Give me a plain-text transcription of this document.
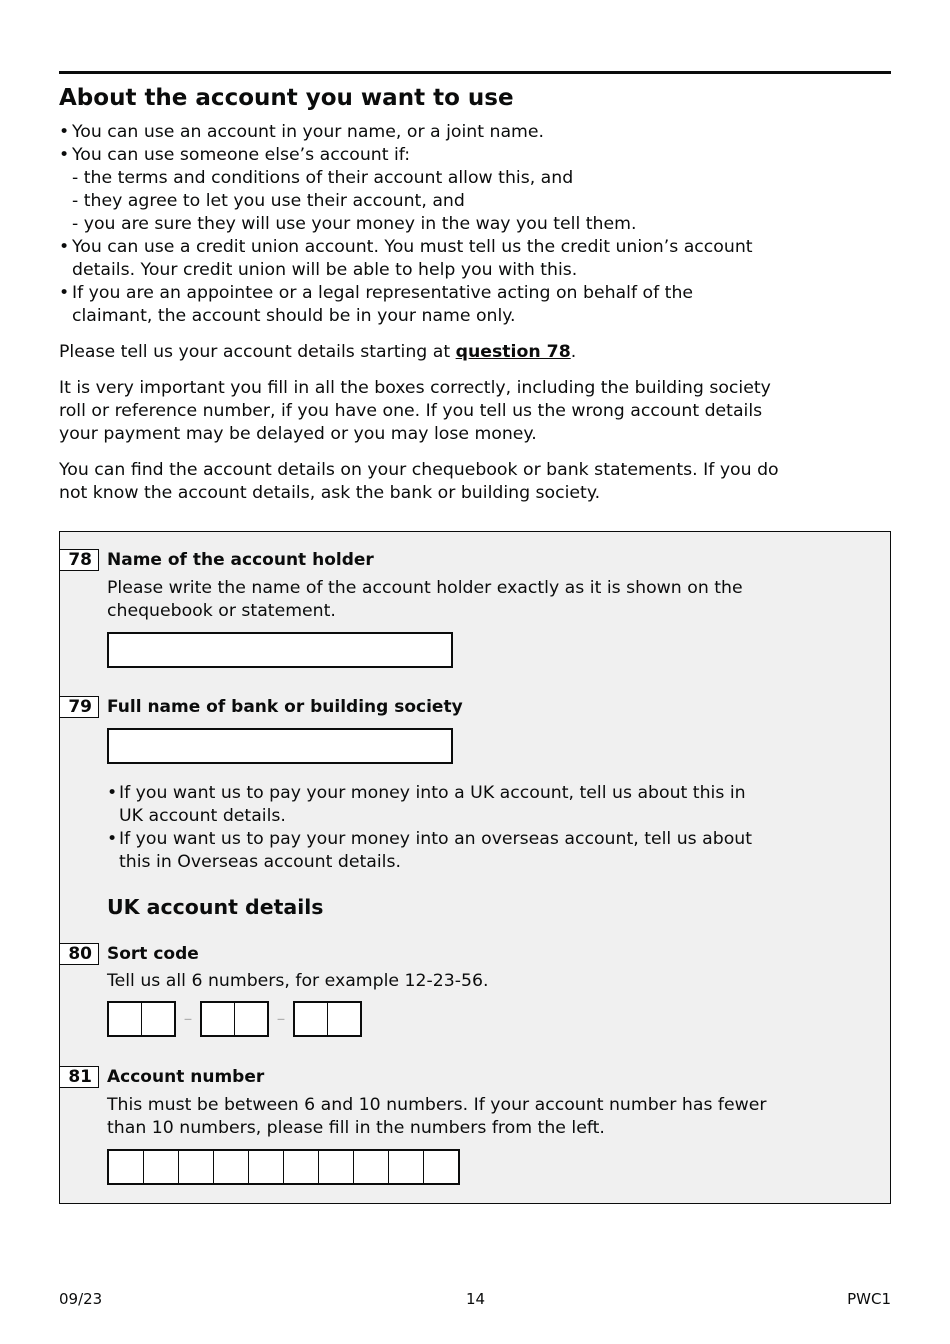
About the account you want to use
• You can use an account in your name, or a joint name.
• You can use someone else’s account if:
- the terms and conditions of their account allow this, and
- they agree to let you use their account, and
- you are sure they will use your money in the way you tell them.
• You can use a credit union account. You must tell us the credit union’s account
details. Your credit union will be able to help you with this.
• If you are an appointee or a legal representative acting on behalf of the
claimant, the account should be in your name only.

Please tell us your account details starting at question 78.

It is very important you fill in all the boxes correctly, including the building society roll or reference number, if you have one. If you tell us the wrong account details your payment may be delayed or you may lose money.

You can find the account details on your chequebook or bank statements. If you do not know the account details, ask the bank or building society.

78 Name of the account holder
Please write the name of the account holder exactly as it is shown on the chequebook or statement.
79 Full name of bank or building society
• If you want us to pay your money into a UK account, tell us about this in UK account details.
• If you want us to pay your money into an overseas account, tell us about this in Overseas account details.
UK account details
80 Sort code
Tell us all 6 numbers, for example 12-23-56.
–	–
81 Account number
This must be between 6 and 10 numbers. If your account number has fewer than 10 numbers, please fill in the numbers from the left.
09/23	14	PWC1
